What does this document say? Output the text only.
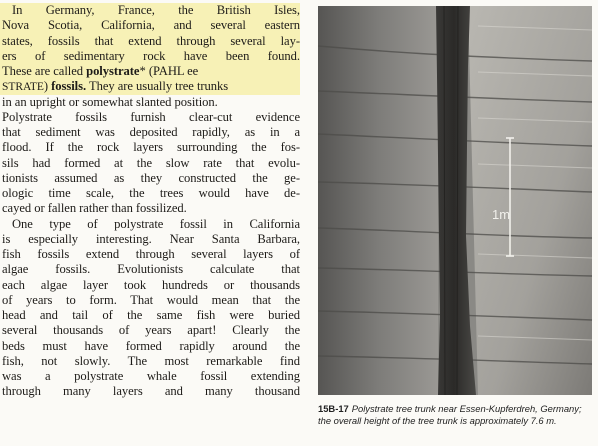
In Germany, France, the British Isles,
Nova Scotia, California, and several eastern
states, fossils that extend through several lay-
ers of sedimentary rock have been found.
These are called polystrate* (PAHL ee
STRATE) fossils. They are usually tree trunks
in an upright or somewhat slanted position.
Polystrate fossils furnish clear-cut evidence
that sediment was deposited rapidly, as in a
flood. If the rock layers surrounding the fos-
sils had formed at the slow rate that evolu-
tionists assumed as they constructed the ge-
ologic time scale, the trees would have de-
cayed or fallen rather than fossilized.
One type of polystrate fossil in California
is especially interesting. Near Santa Barbara,
fish fossils extend through several layers of
algae fossils. Evolutionists calculate that
each algae layer took hundreds or thousands
of years to form. That would mean that the
head and tail of the same fish were buried
several thousands of years apart! Clearly the
beds must have formed rapidly around the
fish, not slowly. The most remarkable find
was a polystrate whale fossil extending
through many layers and many thousand
1m
15B-17 Polystrate tree trunk near Essen-Kupferdreh, Germany; the overall height of the tree trunk is approximately 7.6 m.
